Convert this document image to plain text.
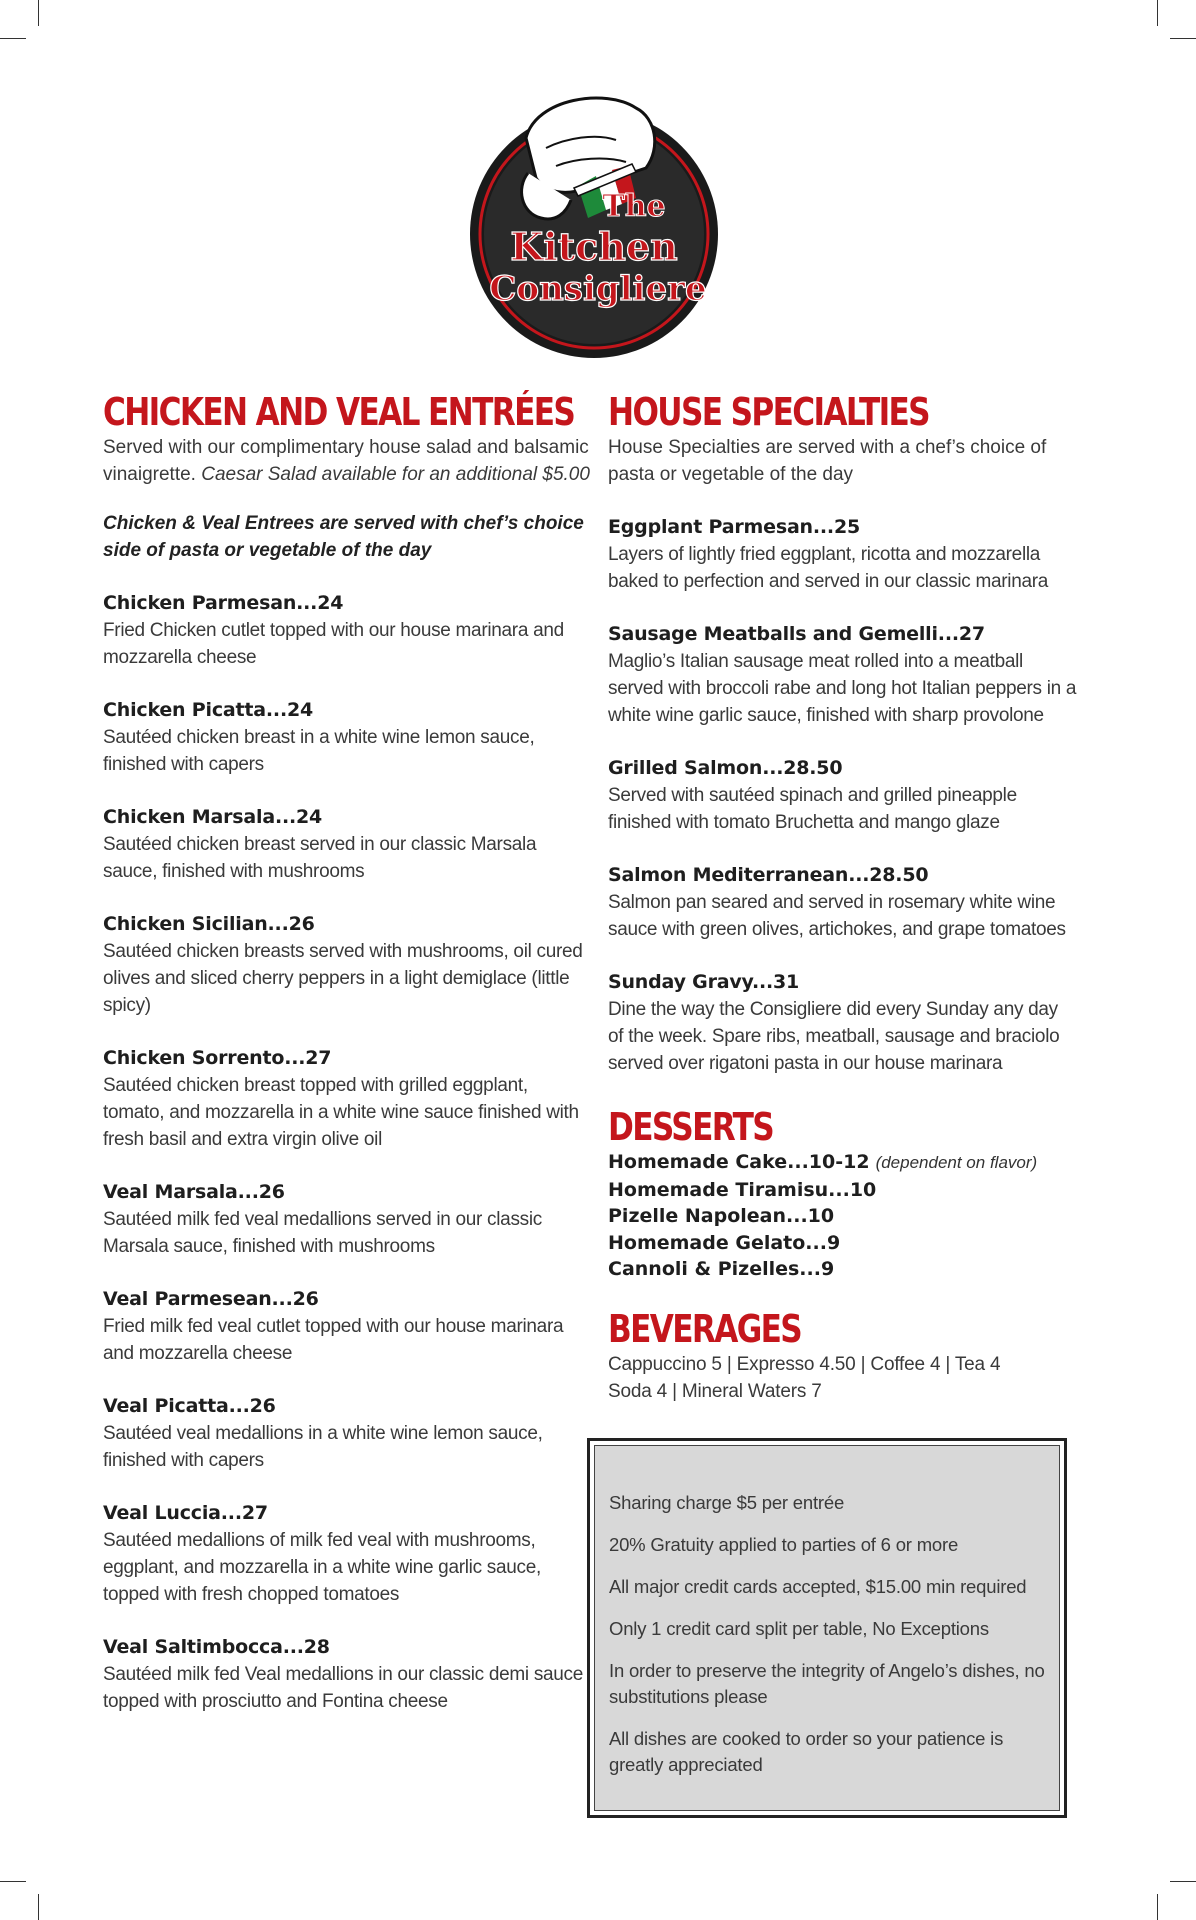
The
Kitchen
Consigliere
CHICKEN AND VEAL ENTRÉES

Served with our complimentary house salad and balsamic vinaigrette. Caesar Salad available for an additional $5.00

Chicken & Veal Entrees are served with chef’s choice side of pasta or vegetable of the day

Chicken Parmesan...24
Fried Chicken cutlet topped with our house marinara and mozzarella cheese
Chicken Picatta...24
Sautéed chicken breast in a white wine lemon sauce, finished with capers
Chicken Marsala...24
Sautéed chicken breast served in our classic Marsala sauce, finished with mushrooms
Chicken Sicilian...26
Sautéed chicken breasts served with mushrooms, oil cured olives and sliced cherry peppers in a light demiglace (little spicy)
Chicken Sorrento...27
Sautéed chicken breast topped with grilled eggplant, tomato, and mozzarella in a white wine sauce finished with fresh basil and extra virgin olive oil
Veal Marsala...26
Sautéed milk fed veal medallions served in our classic Marsala sauce, finished with mushrooms
Veal Parmesean...26
Fried milk fed veal cutlet topped with our house marinara and mozzarella cheese
Veal Picatta...26
Sautéed veal medallions in a white wine lemon sauce, finished with capers
Veal Luccia...27
Sautéed medallions of milk fed veal with mushrooms, eggplant, and mozzarella in a white wine garlic sauce, topped with fresh chopped tomatoes
Veal Saltimbocca...28
Sautéed milk fed Veal medallions in our classic demi sauce topped with prosciutto and Fontina cheese
HOUSE SPECIALTIES

House Specialties are served with a chef’s choice of pasta or vegetable of the day

Eggplant Parmesan...25
Layers of lightly fried eggplant, ricotta and mozzarella baked to perfection and served in our classic marinara
Sausage Meatballs and Gemelli...27
Maglio’s Italian sausage meat rolled into a meatball served with broccoli rabe and long hot Italian peppers in a white wine garlic sauce, finished with sharp provolone
Grilled Salmon...28.50
Served with sautéed spinach and grilled pineapple finished with tomato Bruchetta and mango glaze
Salmon Mediterranean...28.50
Salmon pan seared and served in rosemary white wine sauce with green olives, artichokes, and grape tomatoes
Sunday Gravy...31
Dine the way the Consigliere did every Sunday any day of the week. Spare ribs, meatball, sausage and braciolo served over rigatoni pasta in our house marinara
DESSERTS
Homemade Cake...10-12 (dependent on flavor)
Homemade Tiramisu...10
Pizelle Napolean...10
Homemade Gelato...9
Cannoli & Pizelles...9
BEVERAGES
Cappuccino 5 | Expresso 4.50 | Coffee 4 | Tea 4
Soda 4 | Mineral Waters 7
Sharing charge $5 per entrée
20% Gratuity applied to parties of 6 or more
All major credit cards accepted, $15.00 min required
Only 1 credit card split per table, No Exceptions
In order to preserve the integrity of Angelo’s dishes, no substitutions please
All dishes are cooked to order so your patience is greatly appreciated
